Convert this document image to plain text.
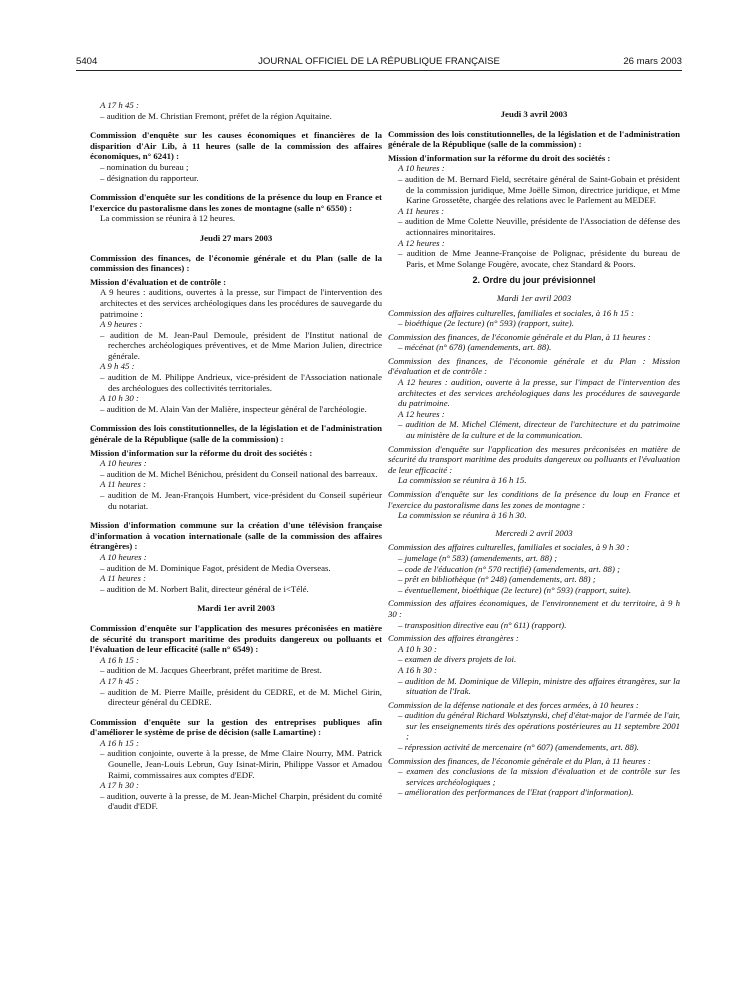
5404	JOURNAL OFFICIEL DE LA RÉPUBLIQUE FRANÇAISE	26 mars 2003

A 17 h 45 :

– audition de M. Christian Fremont, préfet de la région Aquitaine.

Commission d'enquête sur les causes économiques et financières de la disparition d'Air Lib, à 11 heures (salle de la commission des affaires économiques, n° 6241) :

– nomination du bureau ;

– désignation du rapporteur.

Commission d'enquête sur les conditions de la présence du loup en France et l'exercice du pastoralisme dans les zones de montagne (salle n° 6550) :

La commission se réunira à 12 heures.

Jeudi 27 mars 2003

Commission des finances, de l'économie générale et du Plan (salle de la commission des finances) :

Mission d'évaluation et de contrôle :

A 9 heures : auditions, ouvertes à la presse, sur l'impact de l'intervention des architectes et des services archéologiques dans les procédures de sauvegarde du patrimoine :

A 9 heures :

– audition de M. Jean-Paul Demoule, président de l'Institut national de recherches archéologiques préventives, et de Mme Marion Julien, directrice générale.

A 9 h 45 :

– audition de M. Philippe Andrieux, vice-président de l'Association nationale des archéologues des collectivités territoriales.

A 10 h 30 :

– audition de M. Alain Van der Malière, inspecteur général de l'archéologie.

Commission des lois constitutionnelles, de la législation et de l'administration générale de la République (salle de la commission) :

Mission d'information sur la réforme du droit des sociétés :

A 10 heures :

– audition de M. Michel Bénichou, président du Conseil national des barreaux.

A 11 heures :

– audition de M. Jean-François Humbert, vice-président du Conseil supérieur du notariat.

Mission d'information commune sur la création d'une télévision française d'information à vocation internationale (salle de la commission des affaires étrangères) :

A 10 heures :

– audition de M. Dominique Fagot, président de Media Overseas.

A 11 heures :

– audition de M. Norbert Balit, directeur général de i<Télé.

Mardi 1er avril 2003

Commission d'enquête sur l'application des mesures préconisées en matière de sécurité du transport maritime des produits dangereux ou polluants et l'évaluation de leur efficacité (salle n° 6549) :

A 16 h 15 :

– audition de M. Jacques Gheerbrant, préfet maritime de Brest.

A 17 h 45 :

– audition de M. Pierre Maille, président du CEDRE, et de M. Michel Girin, directeur général du CEDRE.

Commission d'enquête sur la gestion des entreprises publiques afin d'améliorer le système de prise de décision (salle Lamartine) :

A 16 h 15 :

– audition conjointe, ouverte à la presse, de Mme Claire Nourry, MM. Patrick Gounelle, Jean-Louis Lebrun, Guy Isinat-Mirin, Philippe Vassor et Amadou Raimi, commissaires aux comptes d'EDF.

A 17 h 30 :

– audition, ouverte à la presse, de M. Jean-Michel Charpin, président du comité d'audit d'EDF.

Jeudi 3 avril 2003

Commission des lois constitutionnelles, de la législation et de l'administration générale de la République (salle de la commission) :

Mission d'information sur la réforme du droit des sociétés :

A 10 heures :

– audition de M. Bernard Field, secrétaire général de Saint-Gobain et président de la commission juridique, Mme Joëlle Simon, directrice juridique, et Mme Karine Grossetête, chargée des relations avec le Parlement au MEDEF.

A 11 heures :

– audition de Mme Colette Neuville, présidente de l'Association de défense des actionnaires minoritaires.

A 12 heures :

– audition de Mme Jeanne-Françoise de Polignac, présidente du bureau de Paris, et Mme Solange Fougère, avocate, chez Standard & Poors.

2. Ordre du jour prévisionnel

Mardi 1er avril 2003

Commission des affaires culturelles, familiales et sociales, à 16 h 15 :

– bioéthique (2e lecture) (n° 593) (rapport, suite).

Commission des finances, de l'économie générale et du Plan, à 11 heures :

– mécénat (n° 678) (amendements, art. 88).

Commission des finances, de l'économie générale et du Plan : Mission d'évaluation et de contrôle :

A 12 heures : audition, ouverte à la presse, sur l'impact de l'intervention des architectes et des services archéologiques dans les procédures de sauvegarde du patrimoine.

A 12 heures :

– audition de M. Michel Clément, directeur de l'architecture et du patrimoine au ministère de la culture et de la communication.

Commission d'enquête sur l'application des mesures préconisées en matière de sécurité du transport maritime des produits dangereux ou polluants et l'évaluation de leur efficacité :

La commission se réunira à 16 h 15.

Commission d'enquête sur les conditions de la présence du loup en France et l'exercice du pastoralisme dans les zones de montagne :

La commission se réunira à 16 h 30.

Mercredi 2 avril 2003

Commission des affaires culturelles, familiales et sociales, à 9 h 30 :

– jumelage (n° 583) (amendements, art. 88) ;

– code de l'éducation (n° 570 rectifié) (amendements, art. 88) ;

– prêt en bibliothèque (n° 248) (amendements, art. 88) ;

– éventuellement, bioéthique (2e lecture) (n° 593) (rapport, suite).

Commission des affaires économiques, de l'environnement et du territoire, à 9 h 30 :

– transposition directive eau (n° 611) (rapport).

Commission des affaires étrangères :

A 10 h 30 :

– examen de divers projets de loi.

A 16 h 30 :

– audition de M. Dominique de Villepin, ministre des affaires étrangères, sur la situation de l'Irak.

Commission de la défense nationale et des forces armées, à 10 heures :

– audition du général Richard Wolsztynski, chef d'état-major de l'armée de l'air, sur les enseignements tirés des opérations postérieures au 11 septembre 2001 ;

– répression activité de mercenaire (n° 607) (amendements, art. 88).

Commission des finances, de l'économie générale et du Plan, à 11 heures :

– examen des conclusions de la mission d'évaluation et de contrôle sur les services archéologiques ;

– amélioration des performances de l'Etat (rapport d'information).
